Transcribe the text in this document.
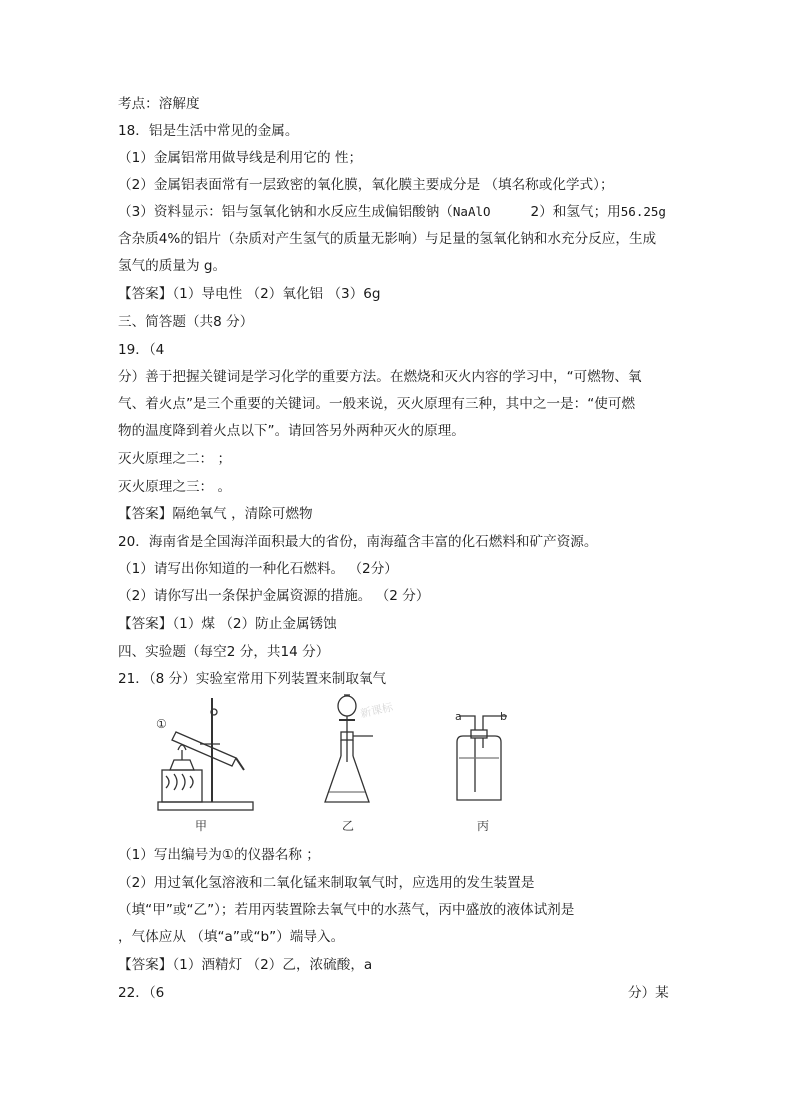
考点：溶解度
18．铝是生活中常见的金属。
（1）金属铝常用做导线是利用它的 性；
（2）金属铝表面常有一层致密的氧化膜，氧化膜主要成分是 （填名称或化学式）；
（3）资料显示：铝与氢氧化钠和水反应生成偏铝酸钠（NaAlO	2）和氢气；用56.25g
含杂质4%的铝片（杂质对产生氢气的质量无影响）与足量的氢氧化钠和水充分反应，生成
氢气的质量为 g。
【答案】（1）导电性 （2）氧化铝 （3）6g
三、简答题（共8 分）
19．（4
分）善于把握关键词是学习化学的重要方法。在燃烧和灭火内容的学习中，“可燃物、氧
气、着火点”是三个重要的关键词。一般来说，灭火原理有三种，其中之一是：“使可燃
物的温度降到着火点以下”。请回答另外两种灭火的原理。
灭火原理之二： ；
灭火原理之三： 。
【答案】隔绝氧气 ，清除可燃物
20．海南省是全国海洋面积最大的省份，南海蕴含丰富的化石燃料和矿产资源。
（1）请写出你知道的一种化石燃料。 （2分）
（2）请你写出一条保护金属资源的措施。 （2 分）
【答案】（1）煤 （2）防止金属锈蚀
四、实验题（每空2 分，共14 分）
21．（8 分）实验室常用下列装置来制取氧气
①
a	b
甲	乙	丙
新课标
（1）写出编号为①的仪器名称 ；
（2）用过氧化氢溶液和二氧化锰来制取氧气时，应选用的发生装置是
（填“甲”或“乙”）；若用丙装置除去氧气中的水蒸气，丙中盛放的液体试剂是
，气体应从 （填“a”或“b”）端导入。
【答案】（1）酒精灯 （2）乙，浓硫酸，a
22．（6	分）某
